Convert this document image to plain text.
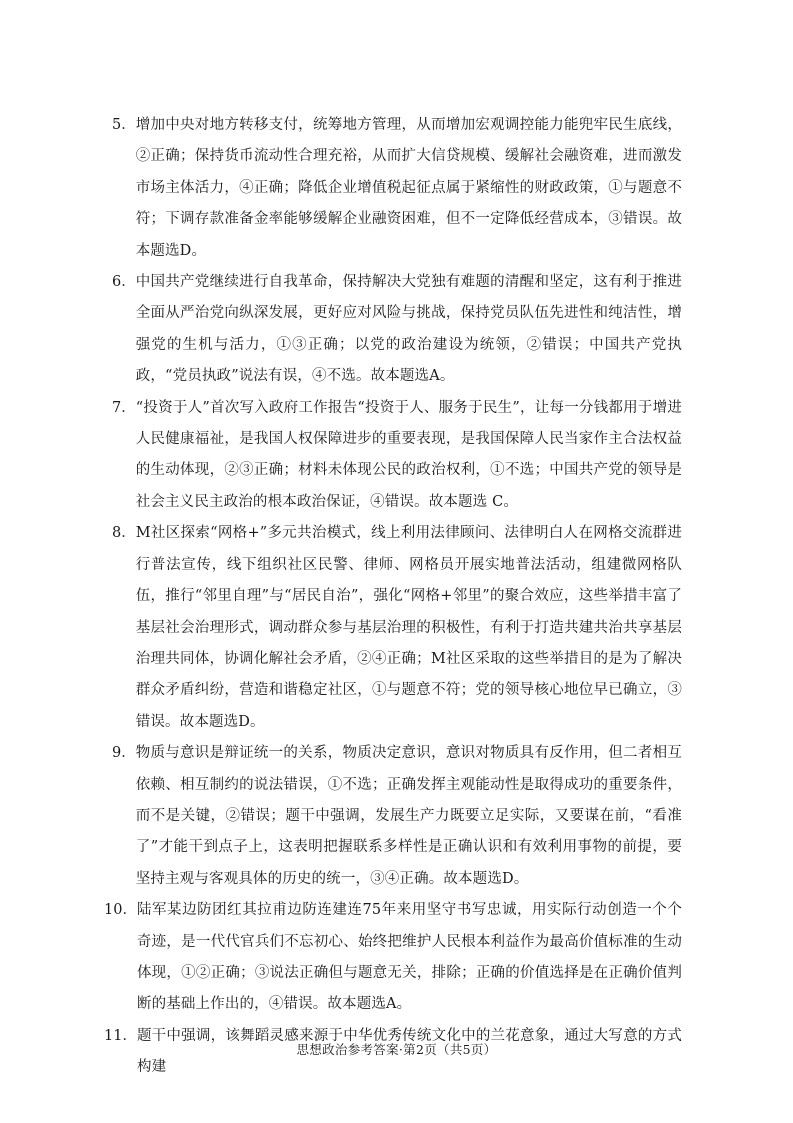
5． 增加中央对地方转移支付，统筹地方管理，从而增加宏观调控能力能兜牢民生底线，②正确；保持货币流动性合理充裕，从而扩大信贷规模、缓解社会融资难，进而激发市场主体活力，④正确；降低企业增值税起征点属于紧缩性的财政政策，①与题意不符；下调存款准备金率能够缓解企业融资困难，但不一定降低经营成本，③错误。故本题选D。

6． 中国共产党继续进行自我革命，保持解决大党独有难题的清醒和坚定，这有利于推进全面从严治党向纵深发展，更好应对风险与挑战，保持党员队伍先进性和纯洁性，增强党的生机与活力，①③正确；以党的政治建设为统领，②错误；中国共产党执政，“党员执政”说法有误，④不选。故本题选A。

7． “投资于人”首次写入政府工作报告“投资于人、服务于民生”，让每一分钱都用于增进人民健康福祉，是我国人权保障进步的重要表现，是我国保障人民当家作主合法权益的生动体现，②③正确；材料未体现公民的政治权利，①不选；中国共产党的领导是社会主义民主政治的根本政治保证，④错误。故本题选 C。

8． M社区探索“网格+”多元共治模式，线上利用法律顾问、法律明白人在网格交流群进行普法宣传，线下组织社区民警、律师、网格员开展实地普法活动，组建微网格队伍，推行“邻里自理”与“居民自治”，强化“网格+邻里”的聚合效应，这些举措丰富了基层社会治理形式，调动群众参与基层治理的积极性，有利于打造共建共治共享基层治理共同体，协调化解社会矛盾，②④正确；M社区采取的这些举措目的是为了解决群众矛盾纠纷，营造和谐稳定社区，①与题意不符；党的领导核心地位早已确立，③错误。故本题选D。

9． 物质与意识是辩证统一的关系，物质决定意识，意识对物质具有反作用，但二者相互依赖、相互制约的说法错误，①不选；正确发挥主观能动性是取得成功的重要条件，而不是关键，②错误；题干中强调，发展生产力既要立足实际，又要谋在前，“看准了”才能干到点子上，这表明把握联系多样性是正确认识和有效利用事物的前提，要坚持主观与客观具体的历史的统一，③④正确。故本题选D。

10． 陆军某边防团红其拉甫边防连建连75年来用坚守书写忠诚，用实际行动创造一个个奇迹，是一代代官兵们不忘初心、始终把维护人民根本利益作为最高价值标准的生动体现，①②正确；③说法正确但与题意无关，排除；正确的价值选择是在正确价值判断的基础上作出的，④错误。故本题选A。

11． 题干中强调，该舞蹈灵感来源于中华优秀传统文化中的兰花意象，通过大写意的方式构建

思想政治参考答案·第2页（共5页）
